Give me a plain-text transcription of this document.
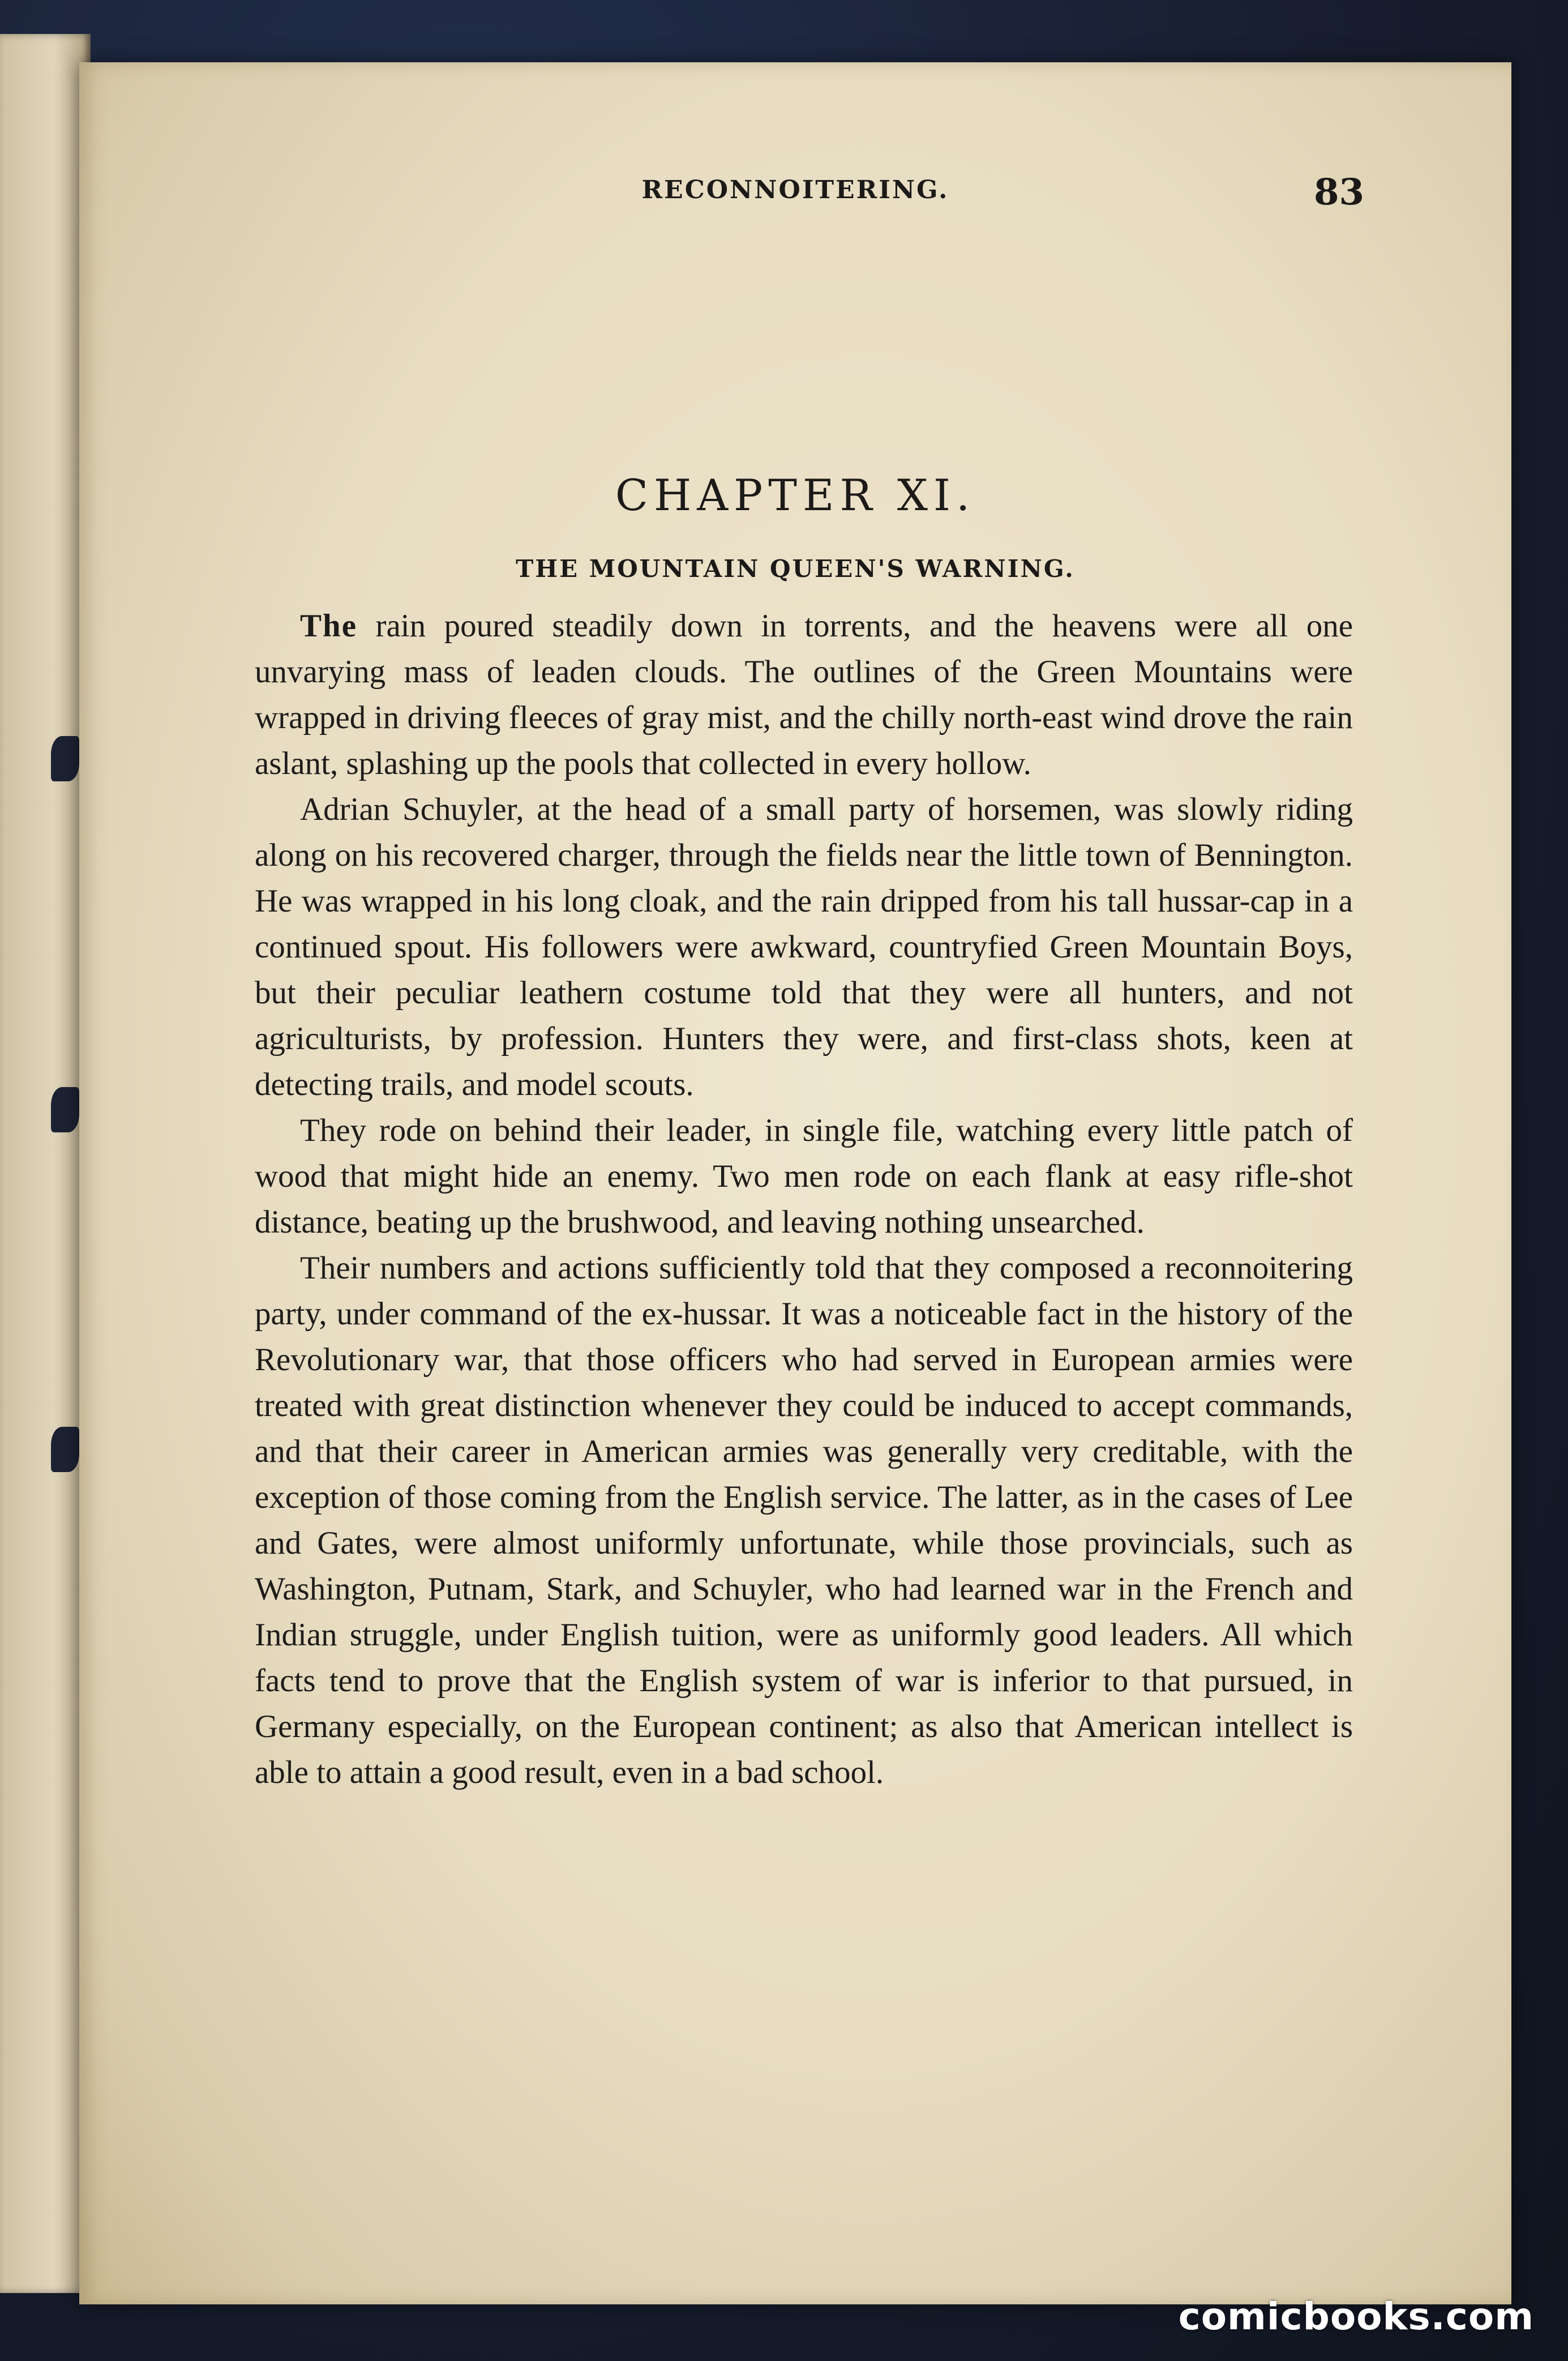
RECONNOITERING.	83
CHAPTER XI.
THE MOUNTAIN QUEEN'S WARNING.

The rain poured steadily down in torrents, and the heavens were all one unvarying mass of leaden clouds. The outlines of the Green Mountains were wrapped in driving fleeces of gray mist, and the chilly north-east wind drove the rain aslant, splashing up the pools that collected in every hollow.

Adrian Schuyler, at the head of a small party of horsemen, was slowly riding along on his recovered charger, through the fields near the little town of Bennington. He was wrapped in his long cloak, and the rain dripped from his tall hussar-cap in a continued spout. His followers were awkward, countryfied Green Mountain Boys, but their peculiar leathern costume told that they were all hunters, and not agriculturists, by profession. Hunters they were, and first-class shots, keen at detecting trails, and model scouts.

They rode on behind their leader, in single file, watching every little patch of wood that might hide an enemy. Two men rode on each flank at easy rifle-shot distance, beating up the brushwood, and leaving nothing unsearched.

Their numbers and actions sufficiently told that they composed a reconnoitering party, under command of the ex-hussar. It was a noticeable fact in the history of the Revolutionary war, that those officers who had served in European armies were treated with great distinction whenever they could be induced to accept commands, and that their career in American armies was generally very creditable, with the exception of those coming from the English service. The latter, as in the cases of Lee and Gates, were almost uniformly unfortunate, while those provincials, such as Washington, Putnam, Stark, and Schuyler, who had learned war in the French and Indian struggle, under English tuition, were as uniformly good leaders. All which facts tend to prove that the English system of war is inferior to that pursued, in Germany especially, on the European continent; as also that American intellect is able to attain a good result, even in a bad school.

comicbooks.com
